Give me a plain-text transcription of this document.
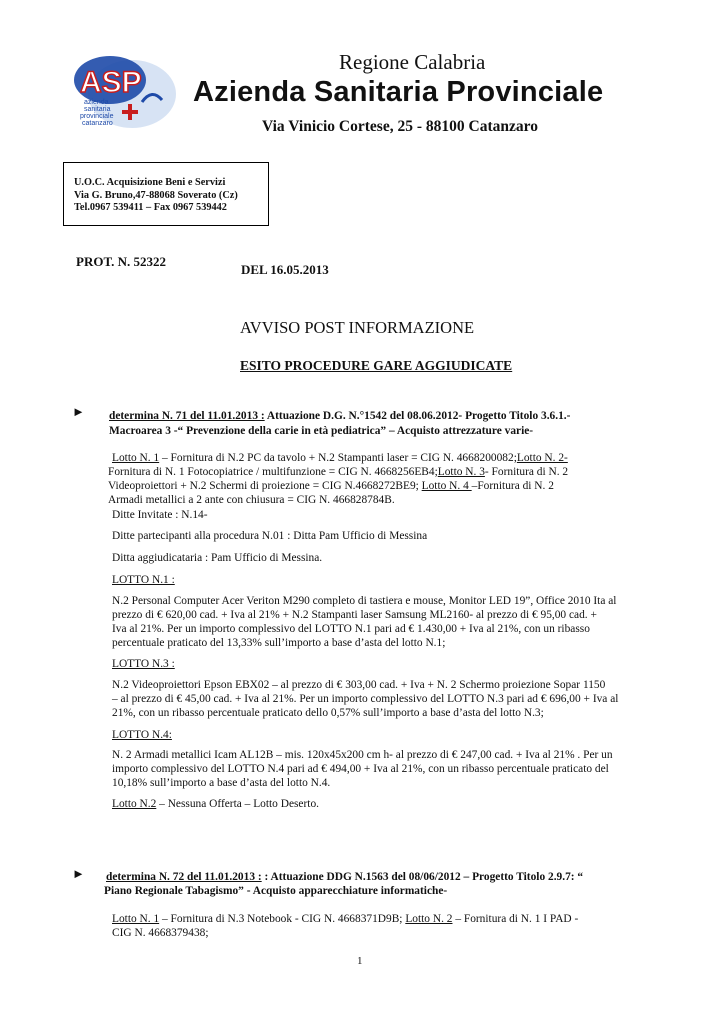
ASP
azienda
sanitaria
provinciale
catanzaro
Regione Calabria
Azienda Sanitaria Provinciale
Via Vinicio Cortese, 25 - 88100 Catanzaro
U.O.C. Acquisizione Beni e Servizi
Via G. Bruno,47-88068 Soverato (Cz)
Tel.0967 539411 – Fax 0967 539442
PROT. N. 52322
DEL 16.05.2013
AVVISO POST INFORMAZIONE
ESITO PROCEDURE GARE AGGIUDICATE
► determina N. 71 del 11.01.2013 : Attuazione D.G. N.°1542 del 08.06.2012- Progetto Titolo 3.6.1.-
Macroarea 3 -“ Prevenzione della carie in età pediatrica” – Acquisto attrezzature varie-
Lotto N. 1 – Fornitura di N.2 PC da tavolo + N.2 Stampanti laser = CIG N. 4668200082;Lotto N. 2-
Fornitura di N. 1 Fotocopiatrice / multifunzione = CIG N. 4668256EB4;Lotto N. 3- Fornitura di N. 2
Videoproiettori + N.2 Schermi di proiezione = CIG N.4668272BE9; Lotto N. 4 –Fornitura di N. 2
Armadi metallici a 2 ante con chiusura = CIG N. 466828784B.
Ditte Invitate : N.14-
Ditte partecipanti alla procedura N.01 : Ditta Pam Ufficio di Messina
Ditta aggiudicataria : Pam Ufficio di Messina.
LOTTO N.1 :
N.2 Personal Computer Acer Veriton M290 completo di tastiera e mouse, Monitor LED 19”, Office 2010 Ita al
prezzo di € 620,00 cad. + Iva al 21% + N.2 Stampanti laser Samsung ML2160- al prezzo di € 95,00 cad. +
Iva al 21%. Per un importo complessivo del LOTTO N.1 pari ad € 1.430,00 + Iva al 21%, con un ribasso
percentuale praticato del 13,33% sull’importo a base d’asta del lotto N.1;
LOTTO N.3 :
N.2 Videoproiettori Epson EBX02 – al prezzo di € 303,00 cad. + Iva + N. 2 Schermo proiezione Sopar 1150
– al prezzo di € 45,00 cad. + Iva al 21%. Per un importo complessivo del LOTTO N.3 pari ad € 696,00 + Iva al
21%, con un ribasso percentuale praticato dello 0,57% sull’importo a base d’asta del lotto N.3;
LOTTO N.4:
N. 2 Armadi metallici Icam AL12B – mis. 120x45x200 cm h- al prezzo di € 247,00 cad. + Iva al 21% . Per un
importo complessivo del LOTTO N.4 pari ad € 494,00 + Iva al 21%, con un ribasso percentuale praticato del
10,18% sull’importo a base d’asta del lotto N.4.
Lotto N.2 – Nessuna Offerta – Lotto Deserto.
► determina N. 72 del 11.01.2013 : : Attuazione DDG N.1563 del 08/06/2012 – Progetto Titolo 2.9.7: “
Piano Regionale Tabagismo” - Acquisto apparecchiature informatiche-
Lotto N. 1 – Fornitura di N.3 Notebook - CIG N. 4668371D9B; Lotto N. 2 – Fornitura di N. 1 I PAD -
CIG N. 4668379438;
1
